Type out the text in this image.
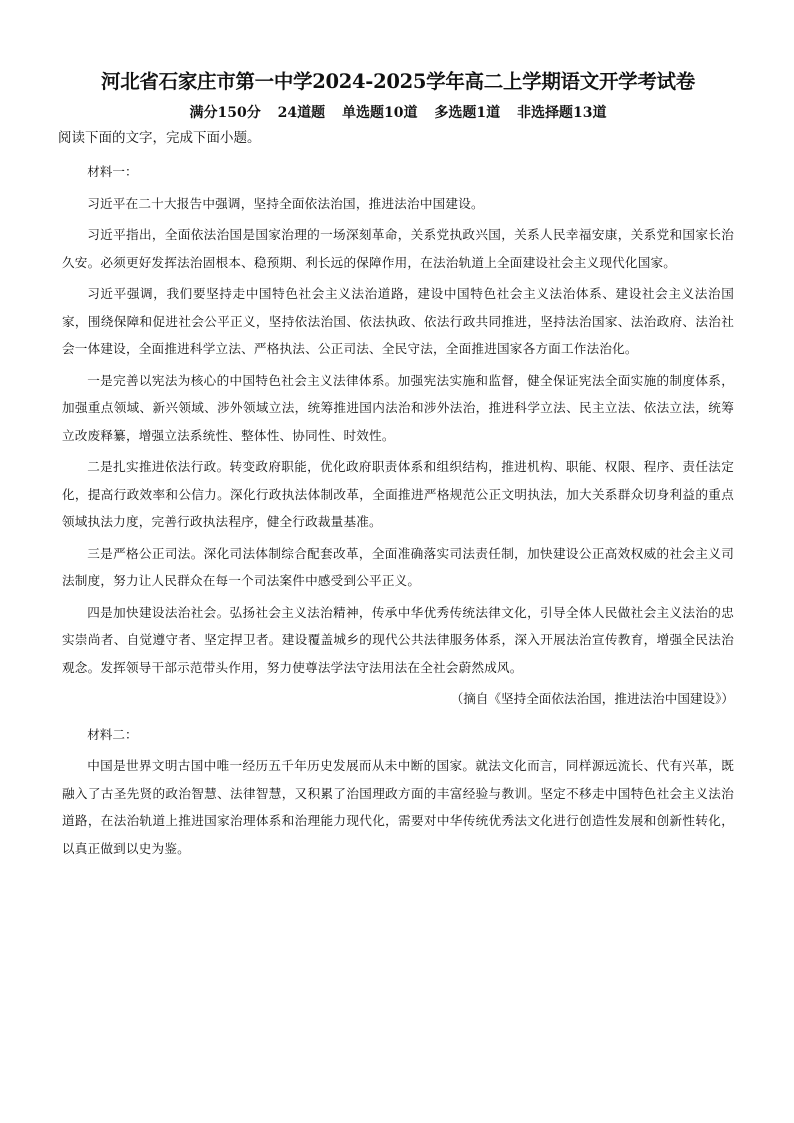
河北省石家庄市第一中学2024-2025学年高二上学期语文开学考试卷
满分150分 24道题 单选题10道 多选题1道 非选择题13道
阅读下面的文字，完成下面小题。
材料一：

习近平在二十大报告中强调，坚持全面依法治国，推进法治中国建设。

习近平指出，全面依法治国是国家治理的一场深刻革命，关系党执政兴国，关系人民幸福安康，关系党和国家长治久安。必须更好发挥法治固根本、稳预期、利长远的保障作用，在法治轨道上全面建设社会主义现代化国家。

习近平强调，我们要坚持走中国特色社会主义法治道路，建设中国特色社会主义法治体系、建设社会主义法治国家，围绕保障和促进社会公平正义，坚持依法治国、依法执政、依法行政共同推进，坚持法治国家、法治政府、法治社会一体建设，全面推进科学立法、严格执法、公正司法、全民守法，全面推进国家各方面工作法治化。

一是完善以宪法为核心的中国特色社会主义法律体系。加强宪法实施和监督，健全保证宪法全面实施的制度体系，加强重点领域、新兴领域、涉外领域立法，统筹推进国内法治和涉外法治，推进科学立法、民主立法、依法立法，统筹立改废释纂，增强立法系统性、整体性、协同性、时效性。

二是扎实推进依法行政。转变政府职能，优化政府职责体系和组织结构，推进机构、职能、权限、程序、责任法定化，提高行政效率和公信力。深化行政执法体制改革，全面推进严格规范公正文明执法，加大关系群众切身利益的重点领域执法力度，完善行政执法程序，健全行政裁量基准。

三是严格公正司法。深化司法体制综合配套改革，全面准确落实司法责任制，加快建设公正高效权威的社会主义司法制度，努力让人民群众在每一个司法案件中感受到公平正义。

四是加快建设法治社会。弘扬社会主义法治精神，传承中华优秀传统法律文化，引导全体人民做社会主义法治的忠实崇尚者、自觉遵守者、坚定捍卫者。建设覆盖城乡的现代公共法律服务体系，深入开展法治宣传教育，增强全民法治观念。发挥领导干部示范带头作用，努力使尊法学法守法用法在全社会蔚然成风。

（摘自《坚持全面依法治国，推进法治中国建设》）
材料二：

中国是世界文明古国中唯一经历五千年历史发展而从未中断的国家。就法文化而言，同样源远流长、代有兴革，既融入了古圣先贤的政治智慧、法律智慧，又积累了治国理政方面的丰富经验与教训。坚定不移走中国特色社会主义法治道路，在法治轨道上推进国家治理体系和治理能力现代化，需要对中华传统优秀法文化进行创造性发展和创新性转化，以真正做到以史为鉴。
